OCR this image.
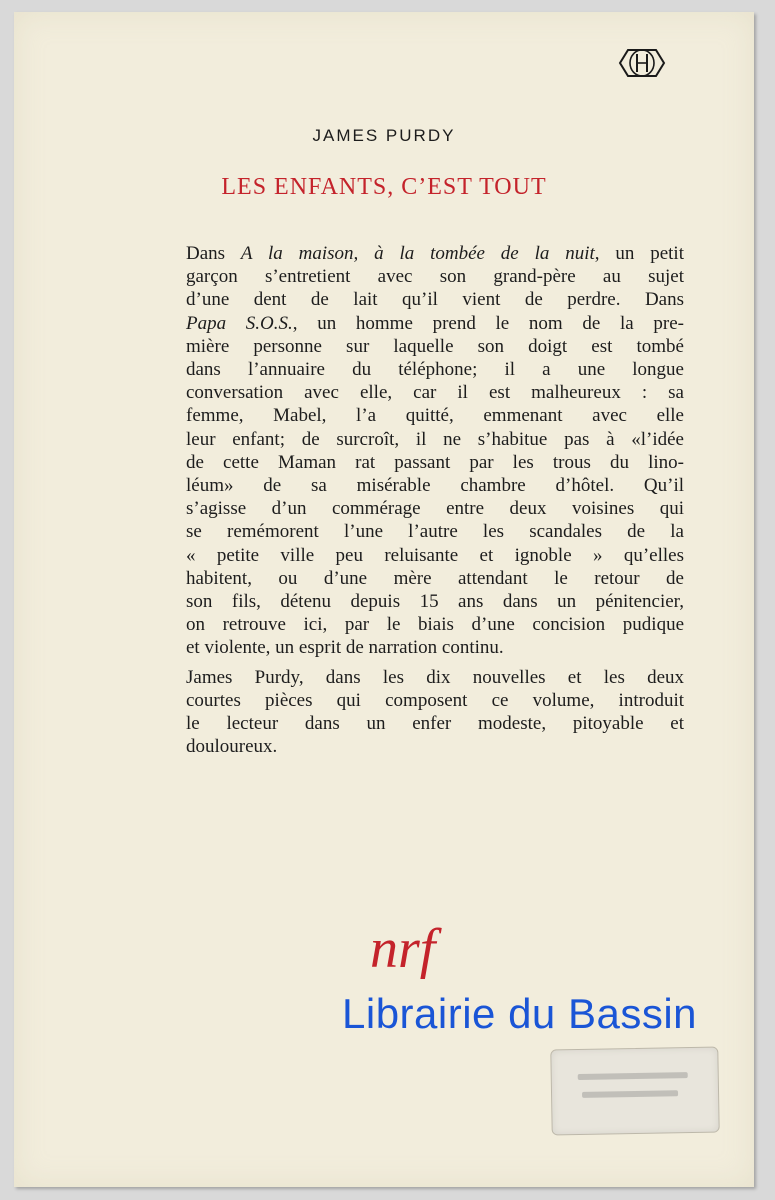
JAMES PURDY
LES ENFANTS, C’EST TOUT

Dans A la maison, à la tombée de la nuit, un petit
garçon s’entretient avec son grand-père au sujet
d’une dent de lait qu’il vient de perdre. Dans
Papa S.O.S., un homme prend le nom de la pre-
mière personne sur laquelle son doigt est tombé
dans l’annuaire du téléphone; il a une longue
conversation avec elle, car il est malheureux : sa
femme, Mabel, l’a quitté, emmenant avec elle
leur enfant; de surcroît, il ne s’habitue pas à «l’idée
de cette Maman rat passant par les trous du lino-
léum» de sa misérable chambre d’hôtel. Qu’il
s’agisse d’un commérage entre deux voisines qui
se remémorent l’une l’autre les scandales de la
« petite ville peu reluisante et ignoble » qu’elles
habitent, ou d’une mère attendant le retour de
son fils, détenu depuis 15 ans dans un pénitencier,
on retrouve ici, par le biais d’une concision pudique
et violente, un esprit de narration continu.

James Purdy, dans les dix nouvelles et les deux
courtes pièces qui composent ce volume, introduit
le lecteur dans un enfer modeste, pitoyable et
douloureux.

nrf
Librairie du Bassin
